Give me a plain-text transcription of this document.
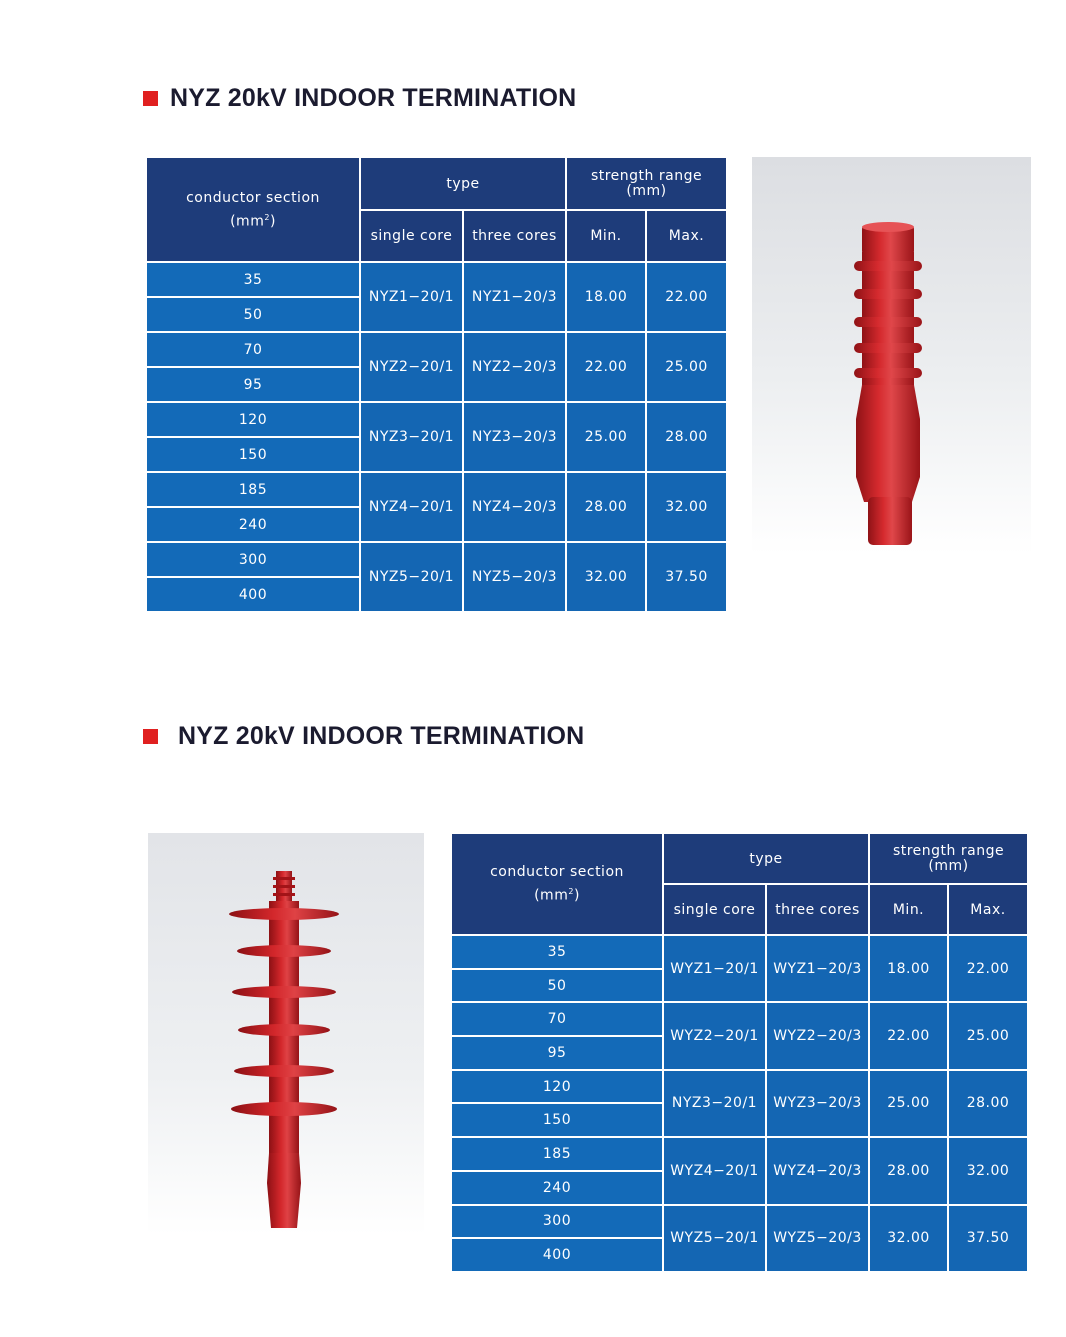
NYZ 20kV INDOOR TERMINATION
conductor section
$(mm^2)$	type		strength range
(mm)	
	single core	three cores	Min.	Max.
35	NYZ1−20/1	NYZ1−20/3	18.00	22.00
50				
70	NYZ2−20/1	NYZ2−20/3	22.00	25.00
95				
120	NYZ3−20/1	NYZ3−20/3	25.00	28.00
150				
185	NYZ4−20/1	NYZ4−20/3	28.00	32.00
240				
300	NYZ5−20/1	NYZ5−20/3	32.00	37.50
400				
NYZ 20kV INDOOR TERMINATION
conductor section
$(mm^2)$	type		strength range
(mm)	
	single core	three cores	Min.	Max.
35	WYZ1−20/1	WYZ1−20/3	18.00	22.00
50				
70	WYZ2−20/1	WYZ2−20/3	22.00	25.00
95				
120	NYZ3−20/1	WYZ3−20/3	25.00	28.00
150				
185	WYZ4−20/1	WYZ4−20/3	28.00	32.00
240				
300	WYZ5−20/1	WYZ5−20/3	32.00	37.50
400				
